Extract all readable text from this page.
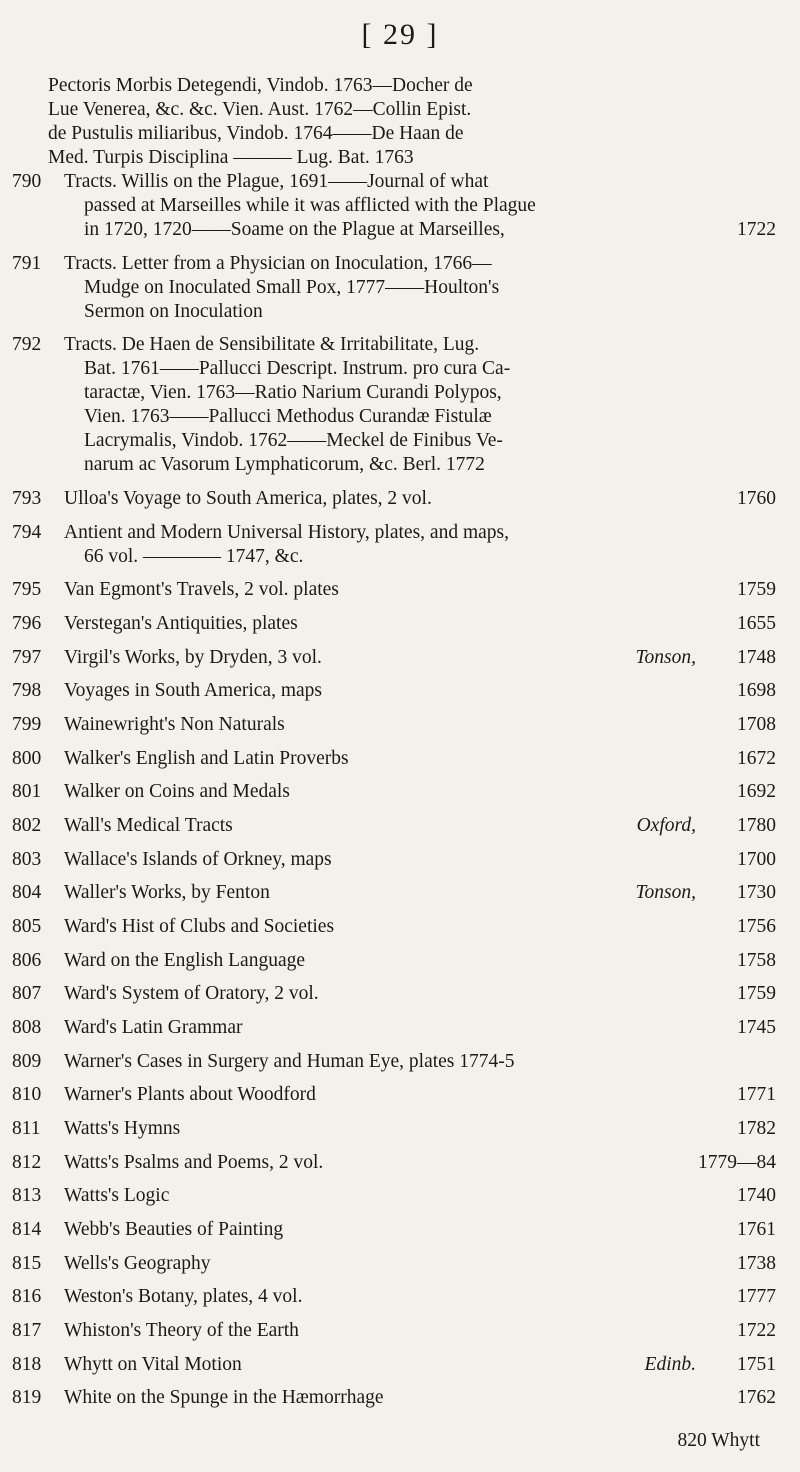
[ 29 ]
Pectoris Morbis Detegendi, Vindob. 1763—Docher de
Lue Venerea, &c. &c. Vien. Aust. 1762—Collin Epist.
de Pustulis miliaribus, Vindob. 1764——De Haan de
Med. Turpis Disciplina ——— Lug. Bat. 1763
790	Tracts. Willis on the Plague, 1691——Journal of what
passed at Marseilles while it was afflicted with the Plague
in 1720, 1720——Soame on the Plague at Marseilles,	1722
791	Tracts. Letter from a Physician on Inoculation, 1766—
Mudge on Inoculated Small Pox, 1777——Houlton's
Sermon on Inoculation
792	Tracts. De Haen de Sensibilitate & Irritabilitate, Lug.
Bat. 1761——Pallucci Descript. Instrum. pro cura Ca-
taractæ, Vien. 1763—Ratio Narium Curandi Polypos,
Vien. 1763——Pallucci Methodus Curandæ Fistulæ
Lacrymalis, Vindob. 1762——Meckel de Finibus Ve-
narum ac Vasorum Lymphaticorum, &c. Berl. 1772
793	Ulloa's Voyage to South America, plates, 2 vol.	1760
794	Antient and Modern Universal History, plates, and maps,
66 vol. ———— 1747, &c.
795	Van Egmont's Travels, 2 vol. plates	1759
796	Verstegan's Antiquities, plates	1655
797	Virgil's Works, by Dryden, 3 vol.	Tonson, 1748
798	Voyages in South America, maps	1698
799	Wainewright's Non Naturals	1708
800	Walker's English and Latin Proverbs	1672
801	Walker on Coins and Medals	1692
802	Wall's Medical Tracts	Oxford, 1780
803	Wallace's Islands of Orkney, maps	1700
804	Waller's Works, by Fenton	Tonson, 1730
805	Ward's Hist of Clubs and Societies	1756
806	Ward on the English Language	1758
807	Ward's System of Oratory, 2 vol.	1759
808	Ward's Latin Grammar	1745
809	Warner's Cases in Surgery and Human Eye, plates 1774-5
810	Warner's Plants about Woodford	1771
811	Watts's Hymns	1782
812	Watts's Psalms and Poems, 2 vol.	1779—84
813	Watts's Logic	1740
814	Webb's Beauties of Painting	1761
815	Wells's Geography	1738
816	Weston's Botany, plates, 4 vol.	1777
817	Whiston's Theory of the Earth	1722
818	Whytt on Vital Motion	Edinb. 1751
819	White on the Spunge in the Hæmorrhage	1762
820 Whytt
